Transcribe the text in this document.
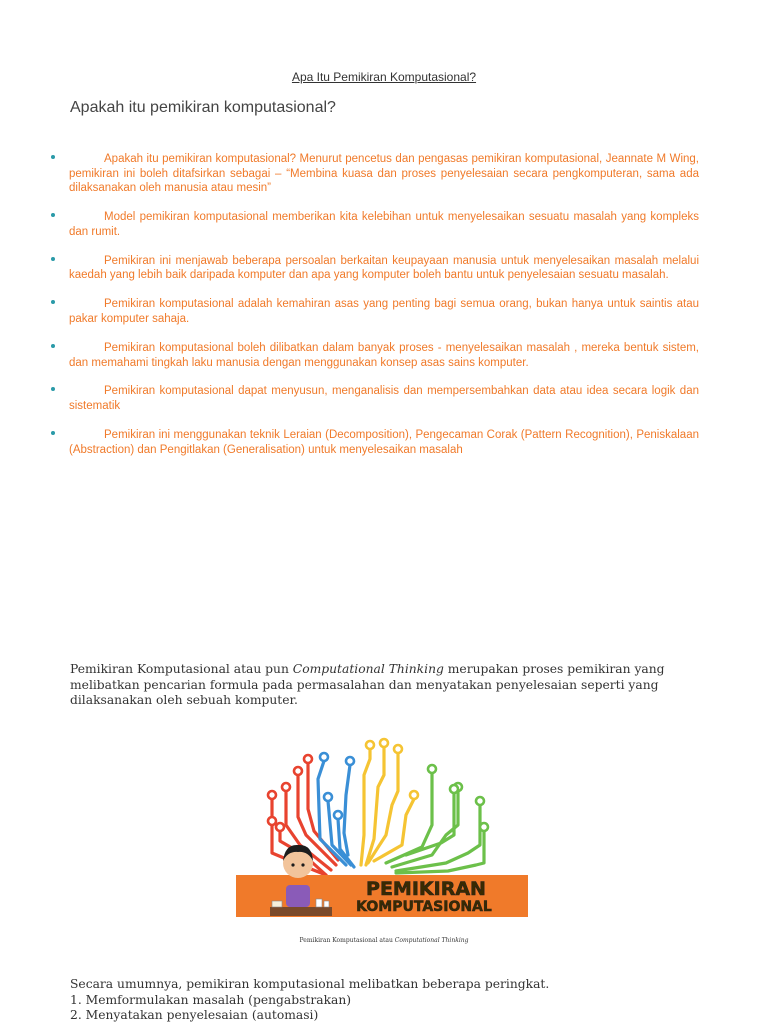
Apa Itu Pemikiran Komputasional?
Apakah itu pemikiran komputasional?
Apakah itu pemikiran komputasional? Menurut pencetus dan pengasas pemikiran komputasional, Jeannate M Wing, pemikiran ini boleh ditafsirkan sebagai – “Membina kuasa dan proses penyelesaian secara pengkomputeran, sama ada dilaksanakan oleh manusia atau mesin”
Model pemikiran komputasional memberikan kita kelebihan untuk menyelesaikan sesuatu masalah yang kompleks dan rumit.
Pemikiran ini menjawab beberapa persoalan berkaitan keupayaan manusia untuk menyelesaikan masalah melalui kaedah yang lebih baik daripada komputer dan apa yang komputer boleh bantu untuk penyelesaian sesuatu masalah.
Pemikiran komputasional adalah kemahiran asas yang penting bagi semua orang, bukan hanya untuk saintis atau pakar komputer sahaja.
Pemikiran komputasional boleh dilibatkan dalam banyak proses - menyelesaikan masalah , mereka bentuk sistem, dan memahami tingkah laku manusia dengan menggunakan konsep asas sains komputer.
Pemikiran komputasional dapat menyusun, menganalisis dan mempersembahkan data atau idea secara logik dan sistematik
Pemikiran ini menggunakan teknik Leraian (Decomposition), Pengecaman Corak (Pattern Recognition), Peniskalaan (Abstraction) dan Pengitlakan (Generalisation) untuk menyelesaikan masalah
Pemikiran Komputasional atau pun Computational Thinking merupakan proses pemikiran yang melibatkan pencarian formula pada permasalahan dan menyatakan penyelesaian seperti yang dilaksanakan oleh sebuah komputer.
PEMIKIRAN
KOMPUTASIONAL
Pemikiran Komputasional atau Computational Thinking
Secara umumnya, pemikiran komputasional melibatkan beberapa peringkat.
1. Memformulakan masalah (pengabstrakan)
2. Menyatakan penyelesaian (automasi)
